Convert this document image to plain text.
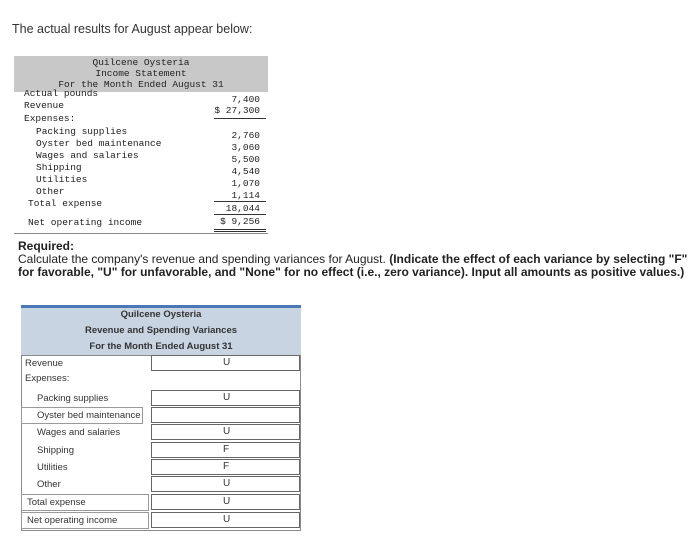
The actual results for August appear below:
Quilcene Oysteria
Income Statement
For the Month Ended August 31
Actual pounds
7,400
Revenue	$ 27,300
Expenses:
Packing supplies	2,760
Oyster bed maintenance	3,060
Wages and salaries	5,500
Shipping	4,540
Utilities	1,070
Other	1,114
Total expense	18,044
Net operating income	$ 9,256
Required:
Calculate the company's revenue and spending variances for August. (Indicate the effect of each variance by selecting "F" for favorable, "U" for unfavorable, and "None" for no effect (i.e., zero variance). Input all amounts as positive values.)
Quilcene Oysteria
Revenue and Spending Variances
For the Month Ended August 31
Revenue	U
Expenses:
Packing supplies	U
Oyster bed maintenance
Wages and salaries	U
Shipping	F
Utilities	F
Other	U
Total expense	U
Net operating income	U
